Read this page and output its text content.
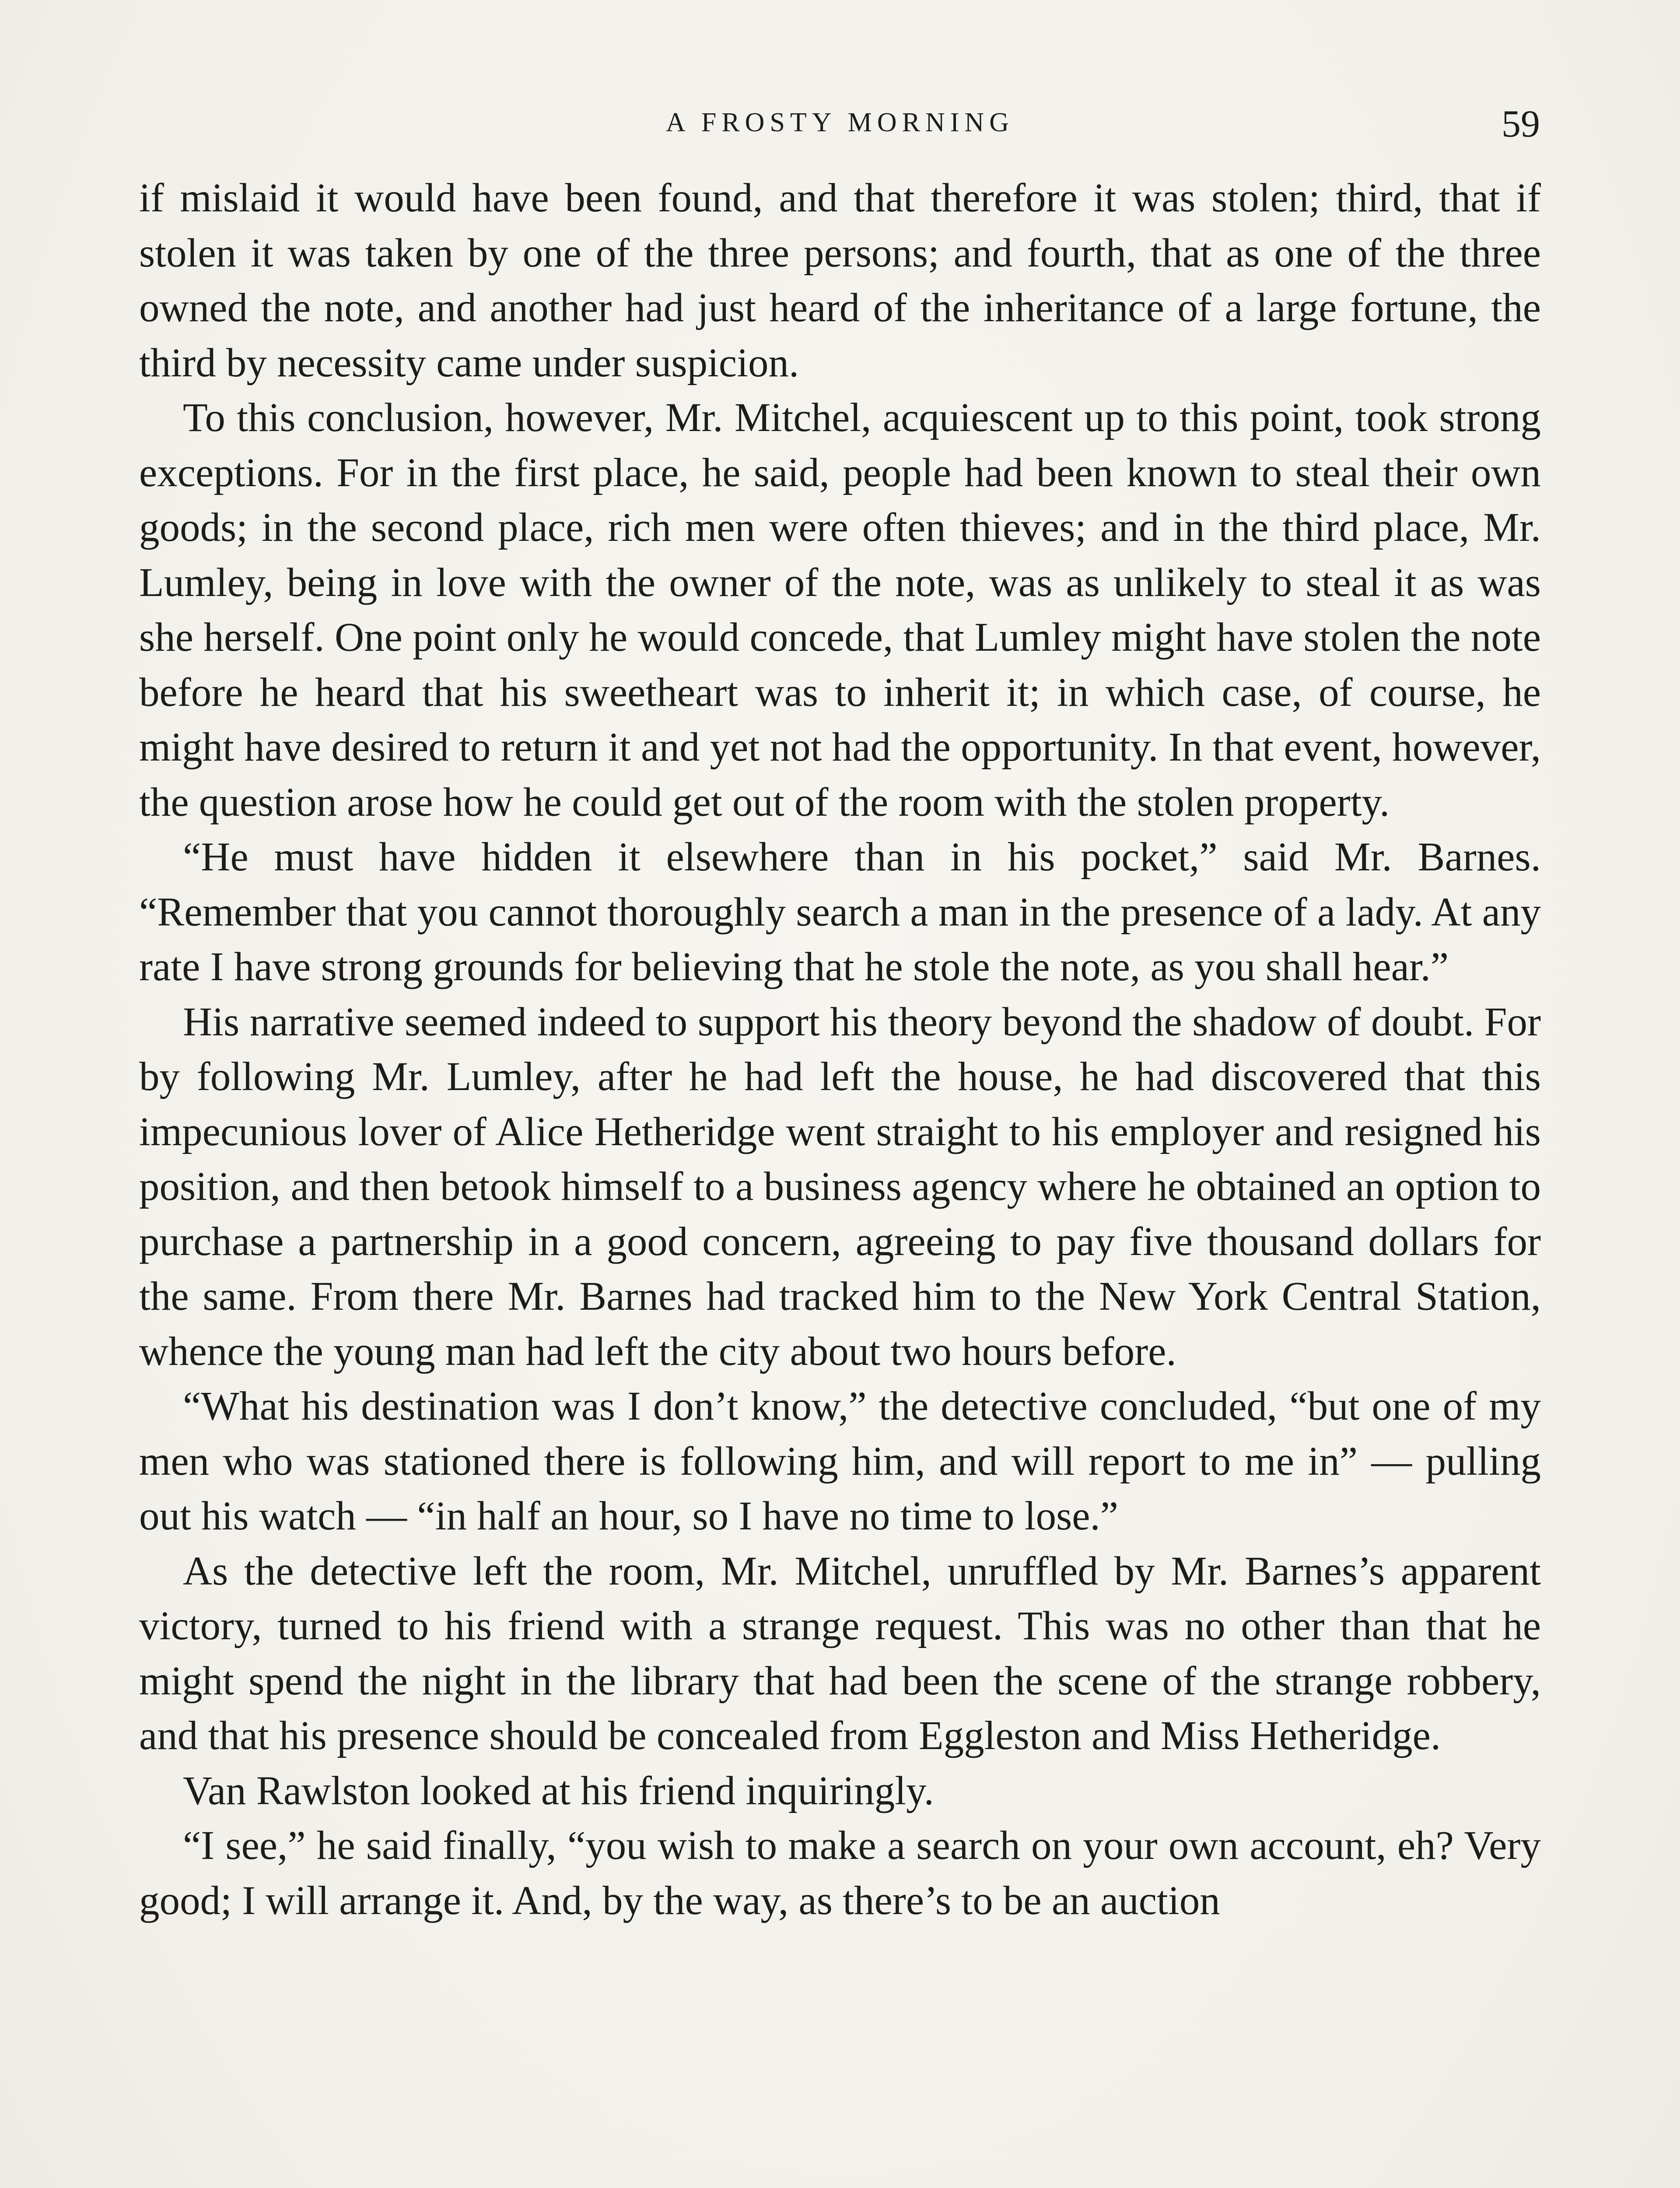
A FROSTY MORNING	59

if mislaid it would have been found, and that therefore it was stolen; third, that if stolen it was taken by one of the three persons; and fourth, that as one of the three owned the note, and another had just heard of the inheritance of a large fortune, the third by necessity came under suspicion.

To this conclusion, however, Mr. Mitchel, acquiescent up to this point, took strong exceptions. For in the first place, he said, people had been known to steal their own goods; in the second place, rich men were often thieves; and in the third place, Mr. Lumley, being in love with the owner of the note, was as unlikely to steal it as was she herself. One point only he would concede, that Lumley might have stolen the note before he heard that his sweetheart was to inherit it; in which case, of course, he might have desired to return it and yet not had the opportunity. In that event, however, the question arose how he could get out of the room with the stolen property.

“He must have hidden it elsewhere than in his pocket,” said Mr. Barnes. “Remember that you cannot thoroughly search a man in the presence of a lady. At any rate I have strong grounds for believing that he stole the note, as you shall hear.”

His narrative seemed indeed to support his theory beyond the shadow of doubt. For by following Mr. Lumley, after he had left the house, he had discovered that this impecunious lover of Alice Hetheridge went straight to his employer and resigned his position, and then betook himself to a business agency where he obtained an option to purchase a partnership in a good concern, agreeing to pay five thousand dollars for the same. From there Mr. Barnes had tracked him to the New York Central Station, whence the young man had left the city about two hours before.

“What his destination was I don’t know,” the detective concluded, “but one of my men who was stationed there is following him, and will report to me in” — pulling out his watch — “in half an hour, so I have no time to lose.”

As the detective left the room, Mr. Mitchel, unruffled by Mr. Barnes’s apparent victory, turned to his friend with a strange request. This was no other than that he might spend the night in the library that had been the scene of the strange robbery, and that his presence should be concealed from Eggleston and Miss Hetheridge.

Van Rawlston looked at his friend inquiringly.

“I see,” he said finally, “you wish to make a search on your own account, eh? Very good; I will arrange it. And, by the way, as there’s to be an auction
